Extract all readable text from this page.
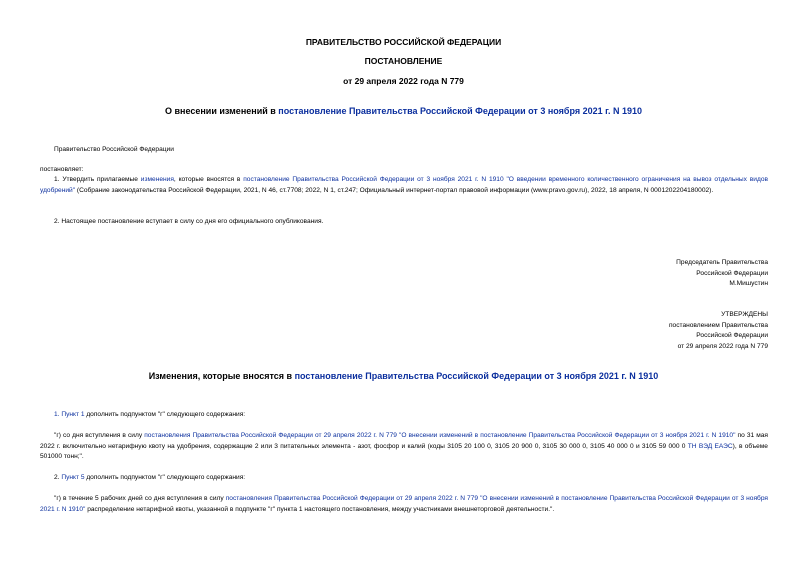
ПРАВИТЕЛЬСТВО РОССИЙСКОЙ ФЕДЕРАЦИИ

ПОСТАНОВЛЕНИЕ

от 29 апреля 2022 года N 779

О внесении изменений в постановление Правительства Российской Федерации от 3 ноября 2021 г. N 1910

Правительство Российской Федерации

постановляет:

1. Утвердить прилагаемые изменения, которые вносятся в постановление Правительства Российской Федерации от 3 ноября 2021 г. N 1910 "О введении временного количественного ограничения на вывоз отдельных видов удобрений" (Собрание законодательства Российской Федерации, 2021, N 46, ст.7708; 2022, N 1, ст.247; Официальный интернет-портал правовой информации (www.pravo.gov.ru), 2022, 18 апреля, N 0001202204180002).

2. Настоящее постановление вступает в силу со дня его официального опубликования.

Председатель Правительства
Российской Федерации
М.Мишустин
УТВЕРЖДЕНЫ
постановлением Правительства
Российской Федерации
от 29 апреля 2022 года N 779

Изменения, которые вносятся в постановление Правительства Российской Федерации от 3 ноября 2021 г. N 1910

1. Пункт 1 дополнить подпунктом "г" следующего содержания:

"г) со дня вступления в силу постановления Правительства Российской Федерации от 29 апреля 2022 г. N 779 "О внесении изменений в постановление Правительства Российской Федерации от 3 ноября 2021 г. N 1910" по 31 мая 2022 г. включительно нетарифную квоту на удобрения, содержащие 2 или 3 питательных элемента - азот, фосфор и калий (коды 3105 20 100 0, 3105 20 900 0, 3105 30 000 0, 3105 40 000 0 и 3105 59 000 0 ТН ВЭД ЕАЭС), в объеме 501000 тонн;".

2. Пункт 5 дополнить подпунктом "г" следующего содержания:

"г) в течение 5 рабочих дней со дня вступления в силу постановления Правительства Российской Федерации от 29 апреля 2022 г. N 779 "О внесении изменений в постановление Правительства Российской Федерации от 3 ноября 2021 г. N 1910" распределение нетарифной квоты, указанной в подпункте "г" пункта 1 настоящего постановления, между участниками внешнеторговой деятельности.".
